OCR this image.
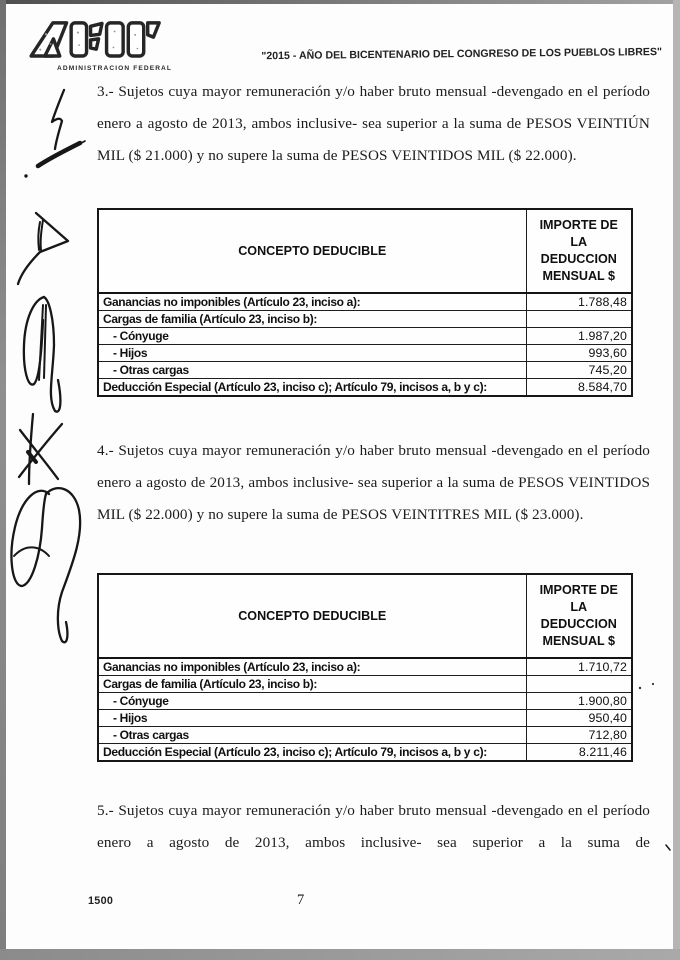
ADMINISTRACION FEDERAL
"2015 - AÑO DEL BICENTENARIO DEL CONGRESO DE LOS PUEBLOS LIBRES"

3.- Sujetos cuya mayor remuneración y/o haber bruto mensual -devengado en el período enero a agosto de 2013, ambos inclusive- sea superior a la suma de PESOS VEINTIÚN MIL ($ 21.000) y no supere la suma de PESOS VEINTIDOS MIL ($ 22.000).

CONCEPTO DEDUCIBLE	IMPORTE DE LA DEDUCCION MENSUAL $
Ganancias no imponibles (Artículo 23, inciso a):	1.788,48
Cargas de familia (Artículo 23, inciso b):	
- Cónyuge	1.987,20
- Hijos	993,60
- Otras cargas	745,20
Deducción Especial (Artículo 23, inciso c); Artículo 79, incisos a, b y c):	8.584,70

4.- Sujetos cuya mayor remuneración y/o haber bruto mensual -devengado en el período enero a agosto de 2013, ambos inclusive- sea superior a la suma de PESOS VEINTIDOS MIL ($ 22.000) y no supere la suma de PESOS VEINTITRES MIL ($ 23.000).

CONCEPTO DEDUCIBLE	IMPORTE DE LA DEDUCCION MENSUAL $
Ganancias no imponibles (Artículo 23, inciso a):	1.710,72
Cargas de familia (Artículo 23, inciso b):	
- Cónyuge	1.900,80
- Hijos	950,40
- Otras cargas	712,80
Deducción Especial (Artículo 23, inciso c); Artículo 79, incisos a, b y c):	8.211,46

5.- Sujetos cuya mayor remuneración y/o haber bruto mensual -devengado en el período enero a agosto de 2013, ambos inclusive- sea superior a la suma de

1500	7
